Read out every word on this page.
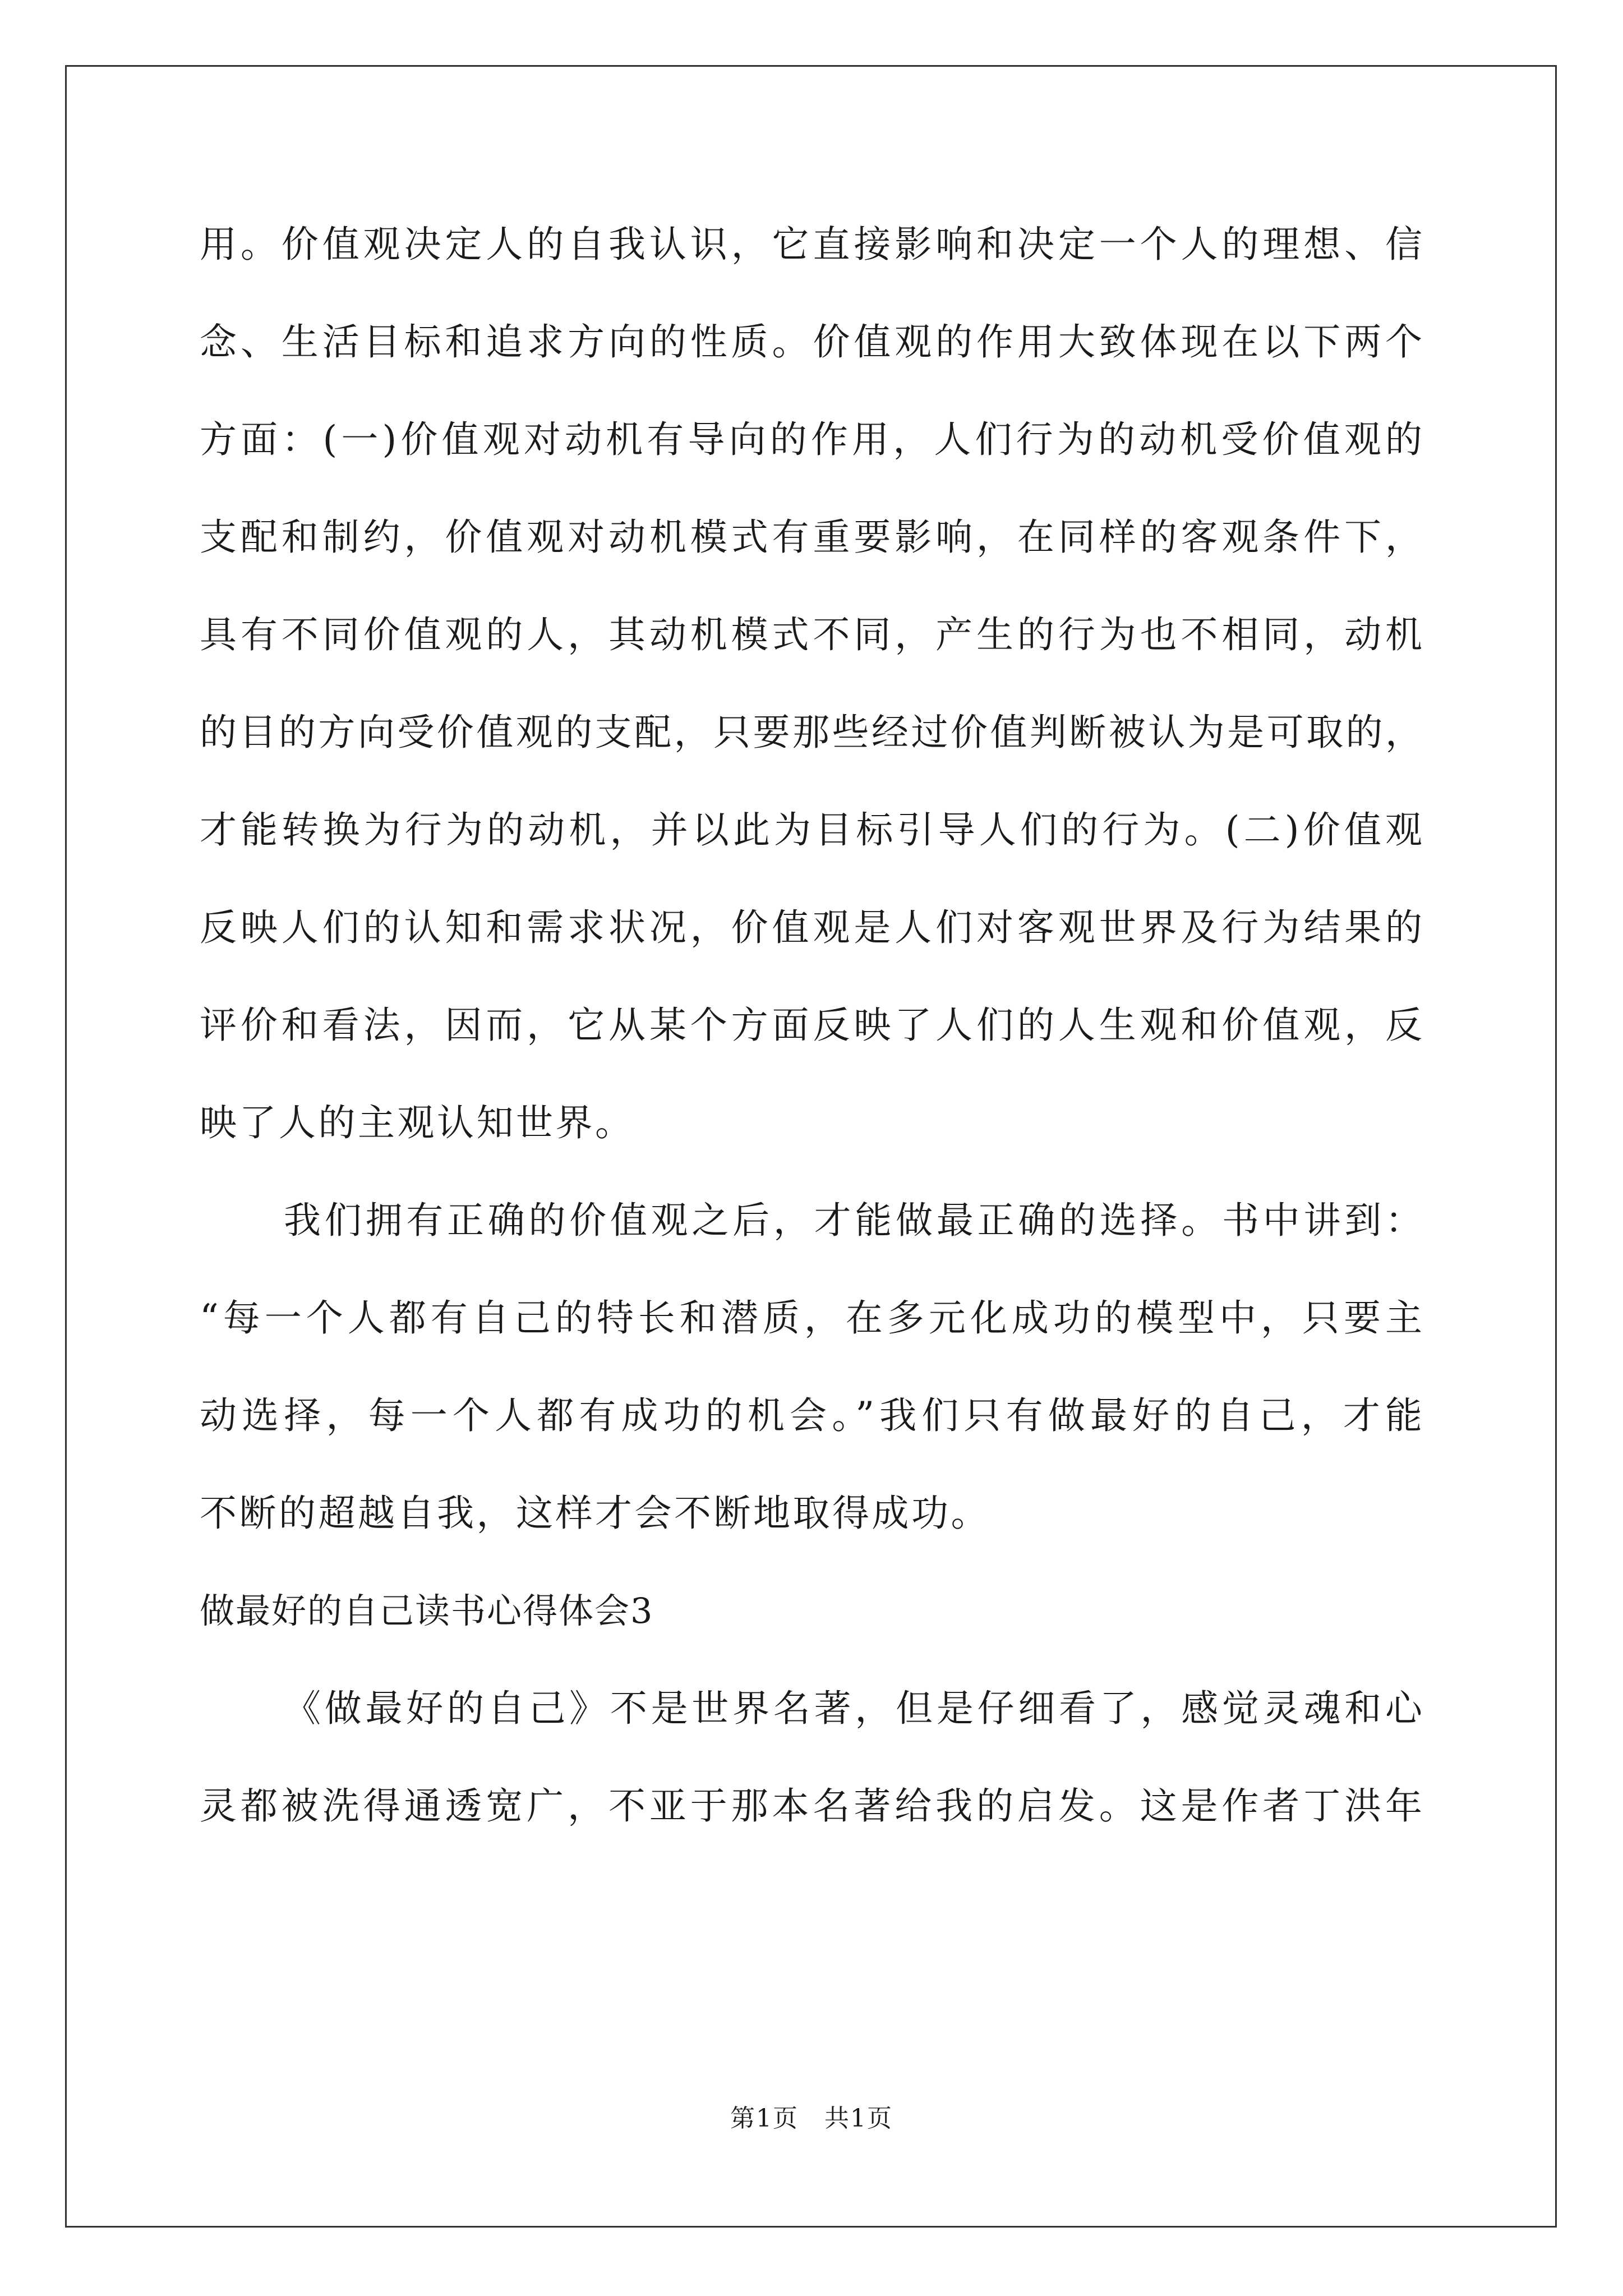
用。价值观决定人的自我认识，它直接影响和决定一个人的理想、信
念、生活目标和追求方向的性质。价值观的作用大致体现在以下两个
方面：(一)价值观对动机有导向的作用，人们行为的动机受价值观的
支配和制约，价值观对动机模式有重要影响，在同样的客观条件下，
具有不同价值观的人，其动机模式不同，产生的行为也不相同，动机
的目的方向受价值观的支配，只要那些经过价值判断被认为是可取的，
才能转换为行为的动机，并以此为目标引导人们的行为。(二)价值观
反映人们的认知和需求状况，价值观是人们对客观世界及行为结果的
评价和看法，因而，它从某个方面反映了人们的人生观和价值观，反
映了人的主观认知世界。
我们拥有正确的价值观之后，才能做最正确的选择。书中讲到：
“每一个人都有自己的特长和潜质，在多元化成功的模型中，只要主
动选择，每一个人都有成功的机会。”我们只有做最好的自己，才能
不断的超越自我，这样才会不断地取得成功。
做最好的自己读书心得体会3
《做最好的自己》不是世界名著，但是仔细看了，感觉灵魂和心
灵都被洗得通透宽广，不亚于那本名著给我的启发。这是作者丁洪年
第1页　共1页
